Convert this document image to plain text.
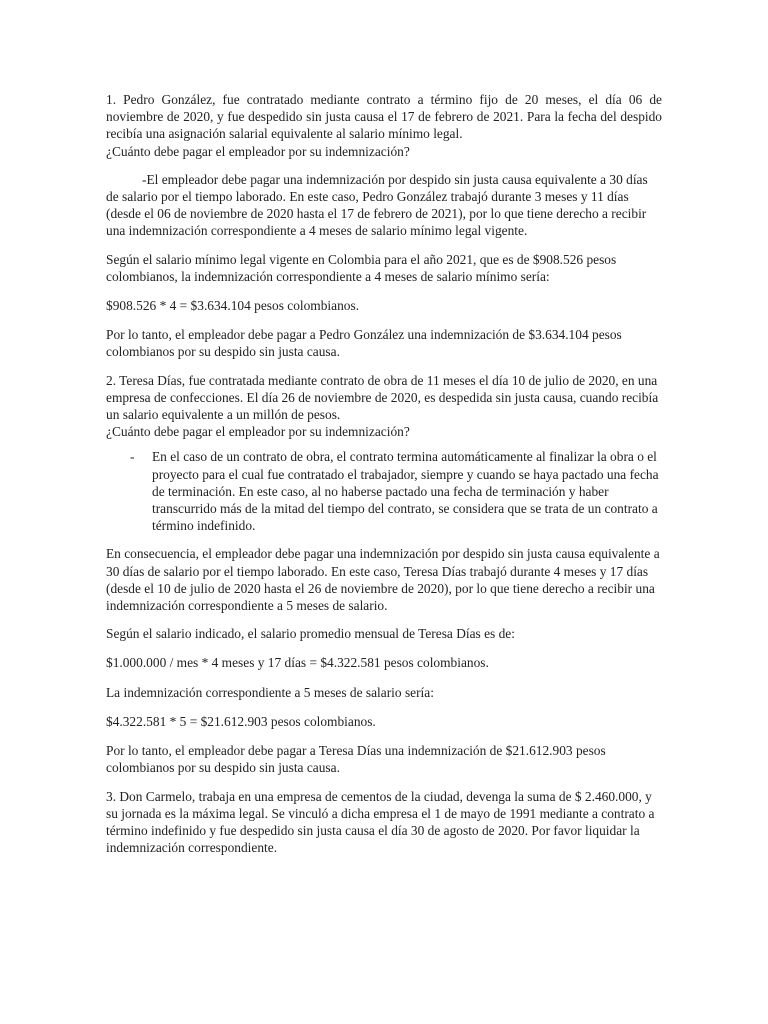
1. Pedro González, fue contratado mediante contrato a término fijo de 20 meses, el día 06 de noviembre de 2020, y fue despedido sin justa causa el 17 de febrero de 2021. Para la fecha del despido recibía una asignación salarial equivalente al salario mínimo legal.

¿Cuánto debe pagar el empleador por su indemnización?

-El empleador debe pagar una indemnización por despido sin justa causa equivalente a 30 días de salario por el tiempo laborado. En este caso, Pedro González trabajó durante 3 meses y 11 días (desde el 06 de noviembre de 2020 hasta el 17 de febrero de 2021), por lo que tiene derecho a recibir una indemnización correspondiente a 4 meses de salario mínimo legal vigente.

Según el salario mínimo legal vigente en Colombia para el año 2021, que es de $908.526 pesos colombianos, la indemnización correspondiente a 4 meses de salario mínimo sería:

$908.526 * 4 = $3.634.104 pesos colombianos.

Por lo tanto, el empleador debe pagar a Pedro González una indemnización de $3.634.104 pesos colombianos por su despido sin justa causa.

2. Teresa Días, fue contratada mediante contrato de obra de 11 meses el día 10 de julio de 2020, en una empresa de confecciones. El día 26 de noviembre de 2020, es despedida sin justa causa, cuando recibía un salario equivalente a un millón de pesos.

¿Cuánto debe pagar el empleador por su indemnización?

- En el caso de un contrato de obra, el contrato termina automáticamente al finalizar la obra o el proyecto para el cual fue contratado el trabajador, siempre y cuando se haya pactado una fecha de terminación. En este caso, al no haberse pactado una fecha de terminación y haber transcurrido más de la mitad del tiempo del contrato, se considera que se trata de un contrato a término indefinido.

En consecuencia, el empleador debe pagar una indemnización por despido sin justa causa equivalente a 30 días de salario por el tiempo laborado. En este caso, Teresa Días trabajó durante 4 meses y 17 días (desde el 10 de julio de 2020 hasta el 26 de noviembre de 2020), por lo que tiene derecho a recibir una indemnización correspondiente a 5 meses de salario.

Según el salario indicado, el salario promedio mensual de Teresa Días es de:

$1.000.000 / mes * 4 meses y 17 días = $4.322.581 pesos colombianos.

La indemnización correspondiente a 5 meses de salario sería:

$4.322.581 * 5 = $21.612.903 pesos colombianos.

Por lo tanto, el empleador debe pagar a Teresa Días una indemnización de $21.612.903 pesos colombianos por su despido sin justa causa.

3. Don Carmelo, trabaja en una empresa de cementos de la ciudad, devenga la suma de $ 2.460.000, y su jornada es la máxima legal. Se vinculó a dicha empresa el 1 de mayo de 1991 mediante a contrato a término indefinido y fue despedido sin justa causa el día 30 de agosto de 2020. Por favor liquidar la indemnización correspondiente.
